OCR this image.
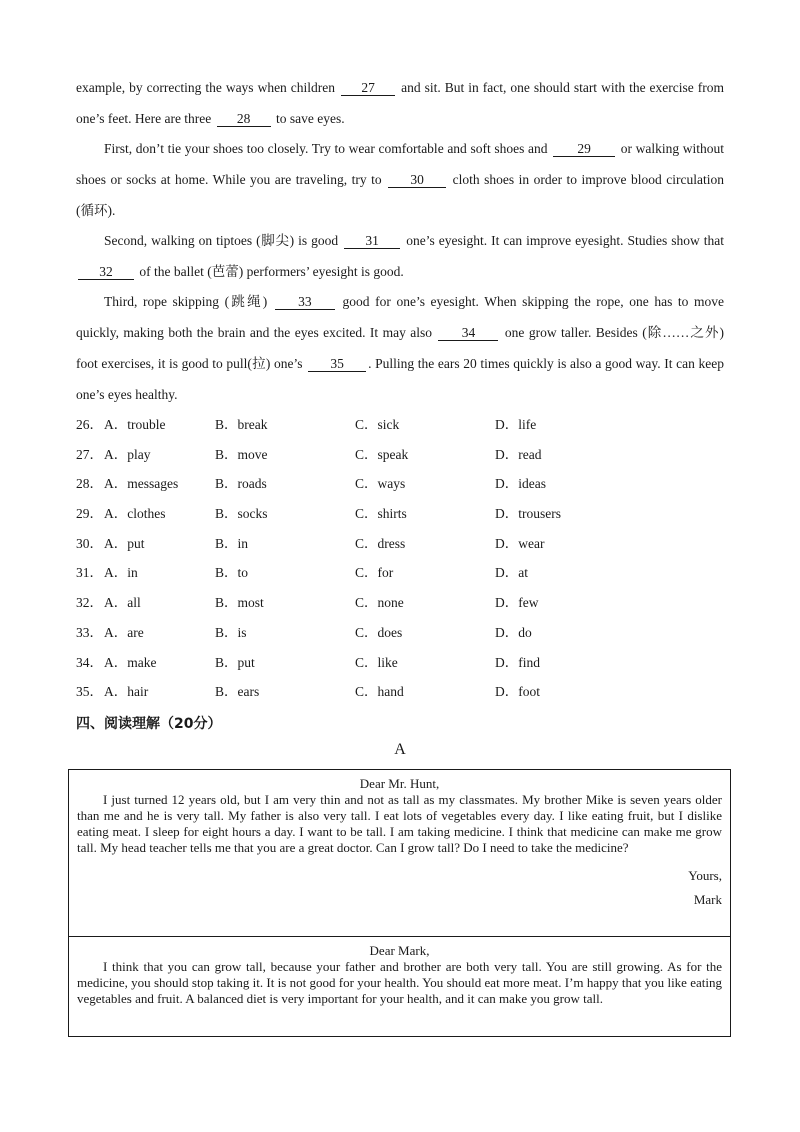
example, by correcting the ways when children 27 and sit. But in fact, one should start with the exercise from one’s feet. Here are three 28 to save eyes.

First, don’t tie your shoes too closely. Try to wear comfortable and soft shoes and 29 or walking without shoes or socks at home. While you are traveling, try to 30 cloth shoes in order to improve blood circulation (循环).

Second, walking on tiptoes (脚尖) is good 31 one’s eyesight. It can improve eyesight. Studies show that 32 of the ballet (芭蕾) performers’ eyesight is good.

Third, rope skipping (跳绳) 33 good for one’s eyesight. When skipping the rope, one has to move quickly, making both the brain and the eyes excited. It may also 34 one grow taller. Besides (除……之外) foot exercises, it is good to pull(拉) one’s 35 . Pulling the ears 20 times quickly is also a good way. It can keep one’s eyes healthy.

26． A．trouble	B．break	C．sick	D．life
27． A．play	B．move	C．speak	D．read
28． A．messages	B．roads	C．ways	D．ideas
29． A．clothes	B．socks	C．shirts	D．trousers
30． A．put	B．in	C．dress	D．wear
31． A．in	B．to	C．for	D．at
32． A．all	B．most	C．none	D．few
33． A．are	B．is	C．does	D．do
34． A．make	B．put	C．like	D．find
35． A．hair	B．ears	C．hand	D．foot
四、阅读理解（20分）

A

Dear Mr. Hunt,

I just turned 12 years old, but I am very thin and not as tall as my classmates. My brother Mike is seven years older than me and he is very tall. My father is also very tall. I eat lots of vegetables every day. I like eating fruit, but I dislike eating meat. I sleep for eight hours a day. I want to be tall. I am taking medicine. I think that medicine can make me grow tall. My head teacher tells me that you are a great doctor. Can I grow tall? Do I need to take the medicine?

Yours,

Mark

Dear Mark,

I think that you can grow tall, because your father and brother are both very tall. You are still growing. As for the medicine, you should stop taking it. It is not good for your health. You should eat more meat. I’m happy that you like eating vegetables and fruit. A balanced diet is very important for your health, and it can make you grow tall.
